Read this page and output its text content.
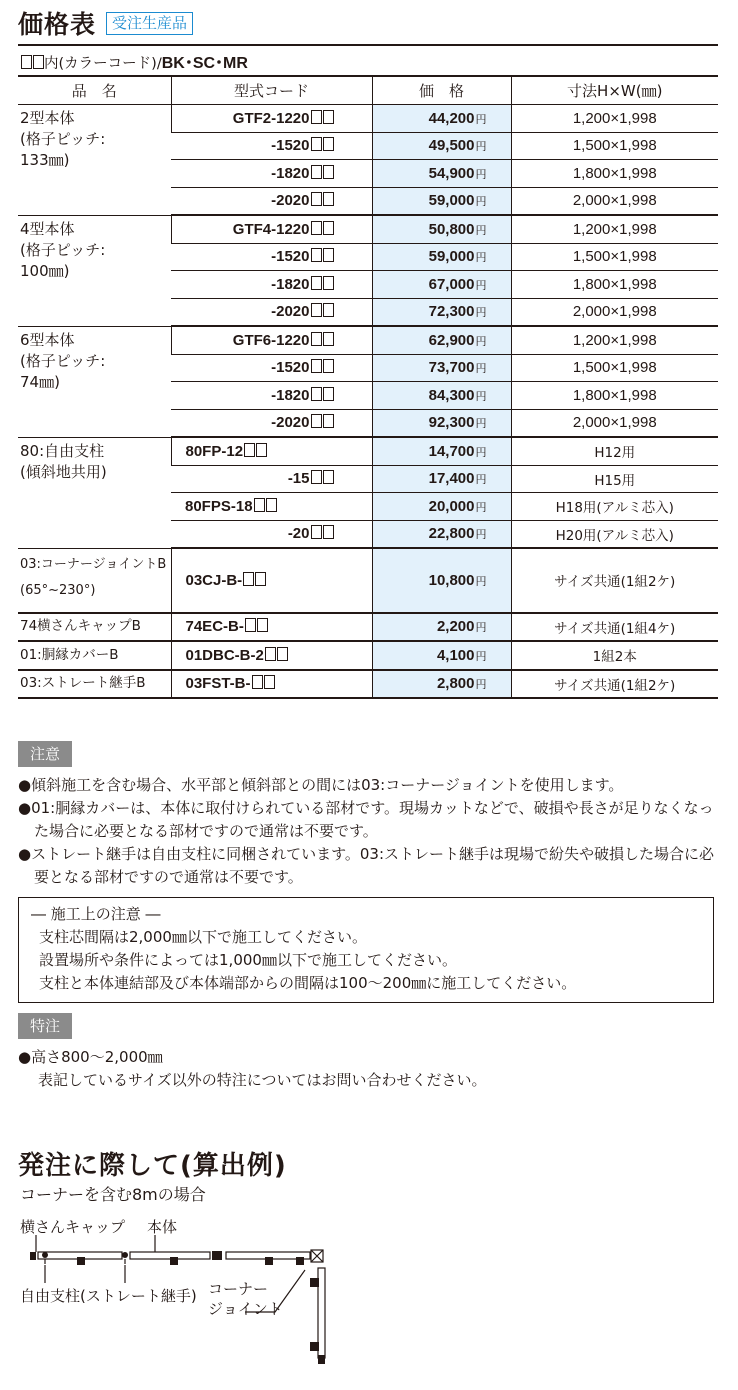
価格表	受注生産品
内(カラーコード)/BK･SC･MR
品　名	型式コード	価　格	寸法H×W(㎜)

2型本体
(格子ピッチ:
133㎜)	GTF2-1220	44,200円	1,200×1,998
	-1520	49,500円	1,500×1,998
	-1820	54,900円	1,800×1,998
	-2020	59,000円	2,000×1,998

4型本体
(格子ピッチ:
100㎜)	GTF4-1220	50,800円	1,200×1,998
	-1520	59,000円	1,500×1,998
	-1820	67,000円	1,800×1,998
	-2020	72,300円	2,000×1,998

6型本体
(格子ピッチ:
74㎜)	GTF6-1220	62,900円	1,200×1,998
	-1520	73,700円	1,500×1,998
	-1820	84,300円	1,800×1,998
	-2020	92,300円	2,000×1,998

80:自由支柱
(傾斜地共用)	80FP-12	14,700円	H12用
	-15	17,400円	H15用
	80FPS-18	20,000円	H18用(アルミ芯入)
	-20	22,800円	H20用(アルミ芯入)

03:コーナージョイントB
(65°~230°)	03CJ-B-	10,800円	サイズ共通(1組2ケ)

74横さんキャップB	74EC-B-	2,200円	サイズ共通(1組4ケ)

01:胴縁カバーB	01DBC-B-2	4,100円	1組2本

03:ストレート継手B	03FST-B-	2,800円	サイズ共通(1組2ケ)
注意

●傾斜施工を含む場合、水平部と傾斜部との間には03:コーナージョイントを使用します。

●01:胴縁カバーは、本体に取付けられている部材です。現場カットなどで、破損や長さが足りなくなった場合に必要となる部材ですので通常は不要です。

●ストレート継手は自由支柱に同梱されています。03:ストレート継手は現場で紛失や破損した場合に必要となる部材ですので通常は不要です。

― 施工上の注意 ―
支柱芯間隔は2,000㎜以下で施工してください。
設置場所や条件によっては1,000㎜以下で施工してください。
支柱と本体連結部及び本体端部からの間隔は100～200㎜に施工してください。
特注
●高さ800～2,000㎜
表記しているサイズ以外の特注についてはお問い合わせください。
発注に際して(算出例)
コーナーを含む8mの場合
横さんキャップ 本体
自由支柱(ストレート継手) コーナー
ジョイント
